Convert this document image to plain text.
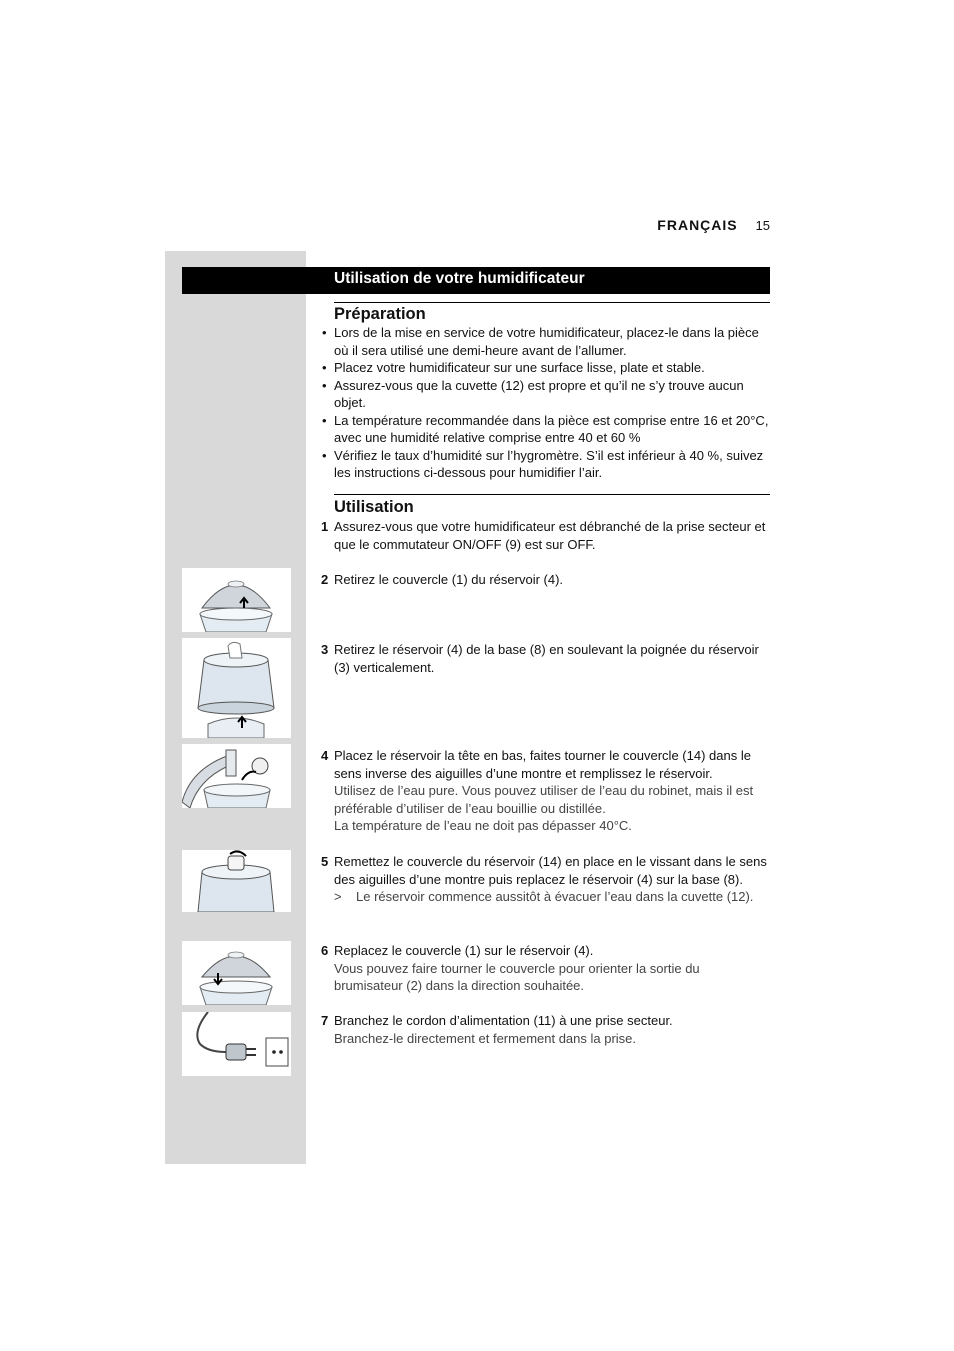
FRANÇAIS 15
Utilisation de votre humidificateur
Préparation
• Lors de la mise en service de votre humidificateur, placez-le dans la pièce où il sera utilisé une demi-heure avant de l’allumer.
• Placez votre humidificateur sur une surface lisse, plate et stable.
• Assurez-vous que la cuvette (12) est propre et qu’il ne s’y trouve aucun objet.
• La température recommandée dans la pièce est comprise entre 16 et 20°C, avec une humidité relative comprise entre 40 et 60 %
• Vérifiez le taux d’humidité sur l’hygromètre. S’il est inférieur à 40 %, suivez les instructions ci-dessous pour humidifier l’air.
Utilisation
1 Assurez-vous que votre humidificateur est débranché de la prise secteur et que le commutateur ON/OFF (9) est sur OFF.
2 Retirez le couvercle (1) du réservoir (4).
3 Retirez le réservoir (4) de la base (8) en soulevant la poignée du réservoir (3) verticalement.
4 Placez le réservoir la tête en bas, faites tourner le couvercle (14) dans le sens inverse des aiguilles d’une montre et remplissez le réservoir.
Utilisez de l’eau pure. Vous pouvez utiliser de l’eau du robinet, mais il est préférable d’utiliser de l’eau bouillie ou distillée.
La température de l’eau ne doit pas dépasser 40°C.
5 Remettez le couvercle du réservoir (14) en place en le vissant dans le sens des aiguilles d’une montre puis replacez le réservoir (4) sur la base (8).
> Le réservoir commence aussitôt à évacuer l’eau dans la cuvette (12).
6 Replacez le couvercle (1) sur le réservoir (4).
Vous pouvez faire tourner le couvercle pour orienter la sortie du brumisateur (2) dans la direction souhaitée.
7 Branchez le cordon d’alimentation (11) à une prise secteur.
Branchez-le directement et fermement dans la prise.
